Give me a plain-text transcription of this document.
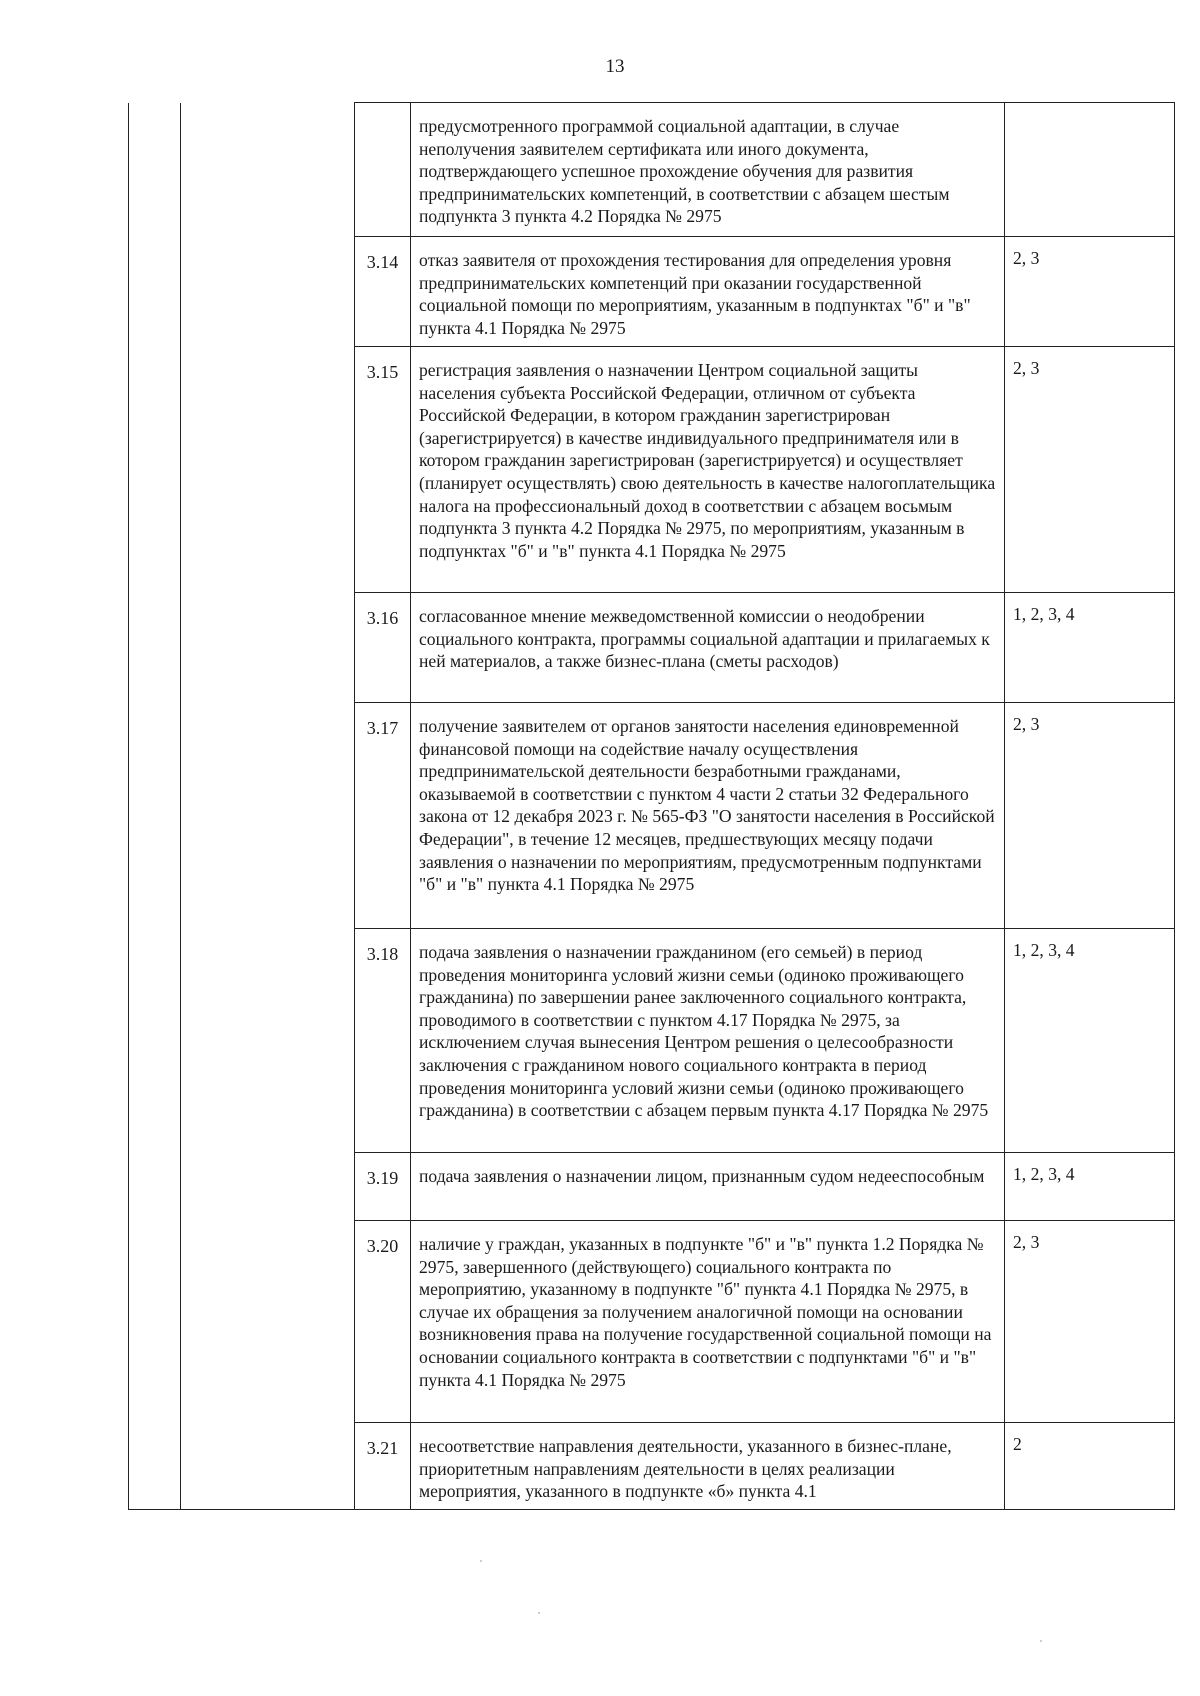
13
			предусмотренного программой социальной адаптации, в случае неполучения заявителем сертификата или иного документа, подтверждающего успешное прохождение обучения для развития предпринимательских компетенций, в соответствии с абзацем шестым подпункта 3 пункта 4.2 Порядка № 2975	
		3.14	отказ заявителя от прохождения тестирования для определения уровня предпринимательских компетенций при оказании государственной социальной помощи по мероприятиям, указанным в подпунктах "б" и "в" пункта 4.1 Порядка № 2975	2, 3
		3.15	регистрация заявления о назначении Центром социальной защиты населения субъекта Российской Федерации, отличном от субъекта Российской Федерации, в котором гражданин зарегистрирован (зарегистрируется) в качестве индивидуального предпринимателя или в котором гражданин зарегистрирован (зарегистрируется) и осуществляет (планирует осуществлять) свою деятельность в качестве налогоплательщика налога на профессиональный доход в соответствии с абзацем восьмым подпункта 3 пункта 4.2 Порядка № 2975, по мероприятиям, указанным в подпунктах "б" и "в" пункта 4.1 Порядка № 2975	2, 3
		3.16	согласованное мнение межведомственной комиссии о неодобрении социального контракта, программы социальной адаптации и прилагаемых к ней материалов, а также бизнес-плана (сметы расходов)	1, 2, 3, 4
		3.17	получение заявителем от органов занятости населения единовременной финансовой помощи на содействие началу осуществления предпринимательской деятельности безработными гражданами, оказываемой в соответствии с пунктом 4 части 2 статьи 32 Федерального закона от 12 декабря 2023 г. № 565-ФЗ "О занятости населения в Российской Федерации", в течение 12 месяцев, предшествующих месяцу подачи заявления о назначении по мероприятиям, предусмотренным подпунктами "б" и "в" пункта 4.1 Порядка № 2975	2, 3
		3.18	подача заявления о назначении гражданином (его семьей) в период проведения мониторинга условий жизни семьи (одиноко проживающего гражданина) по завершении ранее заключенного социального контракта, проводимого в соответствии с пунктом 4.17 Порядка № 2975, за исключением случая вынесения Центром решения о целесообразности заключения с гражданином нового социального контракта в период проведения мониторинга условий жизни семьи (одиноко проживающего гражданина) в соответствии с абзацем первым пункта 4.17 Порядка № 2975	1, 2, 3, 4
		3.19	подача заявления о назначении лицом, признанным судом недееспособным	1, 2, 3, 4
		3.20	наличие у граждан, указанных в подпункте "б" и "в" пункта 1.2 Порядка № 2975, завершенного (действующего) социального контракта по мероприятию, указанному в подпункте "б" пункта 4.1 Порядка № 2975, в случае их обращения за получением аналогичной помощи на основании возникновения права на получение государственной социальной помощи на основании социального контракта в соответствии с подпунктами "б" и "в" пункта 4.1 Порядка № 2975	2, 3
		3.21	несоответствие направления деятельности, указанного в бизнес-плане, приоритетным направлениям деятельности в целях реализации мероприятия, указанного в подпункте «б» пункта 4.1	2
